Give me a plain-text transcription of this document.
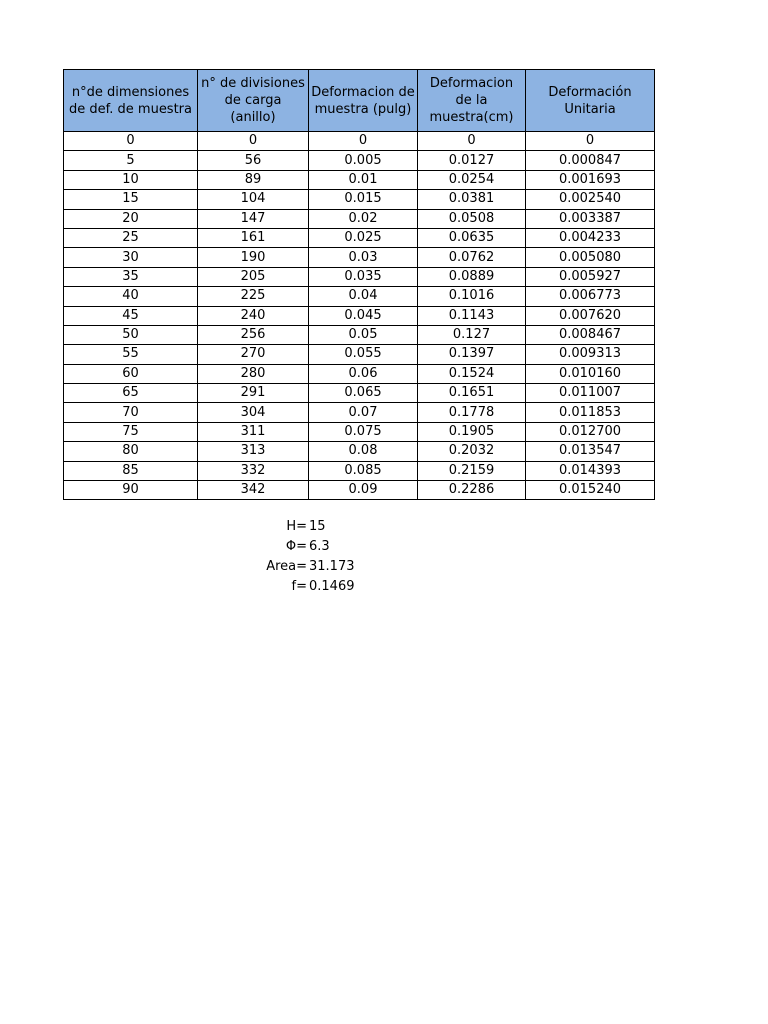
n°de dimensiones de def. de muestra	n° de divisiones de carga (anillo)	Deformacion de muestra (pulg)	Deformacion de la muestra(cm)	Deformación Unitaria
0	0	0	0	0
5	56	0.005	0.0127	0.000847
10	89	0.01	0.0254	0.001693
15	104	0.015	0.0381	0.002540
20	147	0.02	0.0508	0.003387
25	161	0.025	0.0635	0.004233
30	190	0.03	0.0762	0.005080
35	205	0.035	0.0889	0.005927
40	225	0.04	0.1016	0.006773
45	240	0.045	0.1143	0.007620
50	256	0.05	0.127	0.008467
55	270	0.055	0.1397	0.009313
60	280	0.06	0.1524	0.010160
65	291	0.065	0.1651	0.011007
70	304	0.07	0.1778	0.011853
75	311	0.075	0.1905	0.012700
80	313	0.08	0.2032	0.013547
85	332	0.085	0.2159	0.014393
90	342	0.09	0.2286	0.015240
H= 15
Φ= 6.3
Area= 31.173
f= 0.1469
